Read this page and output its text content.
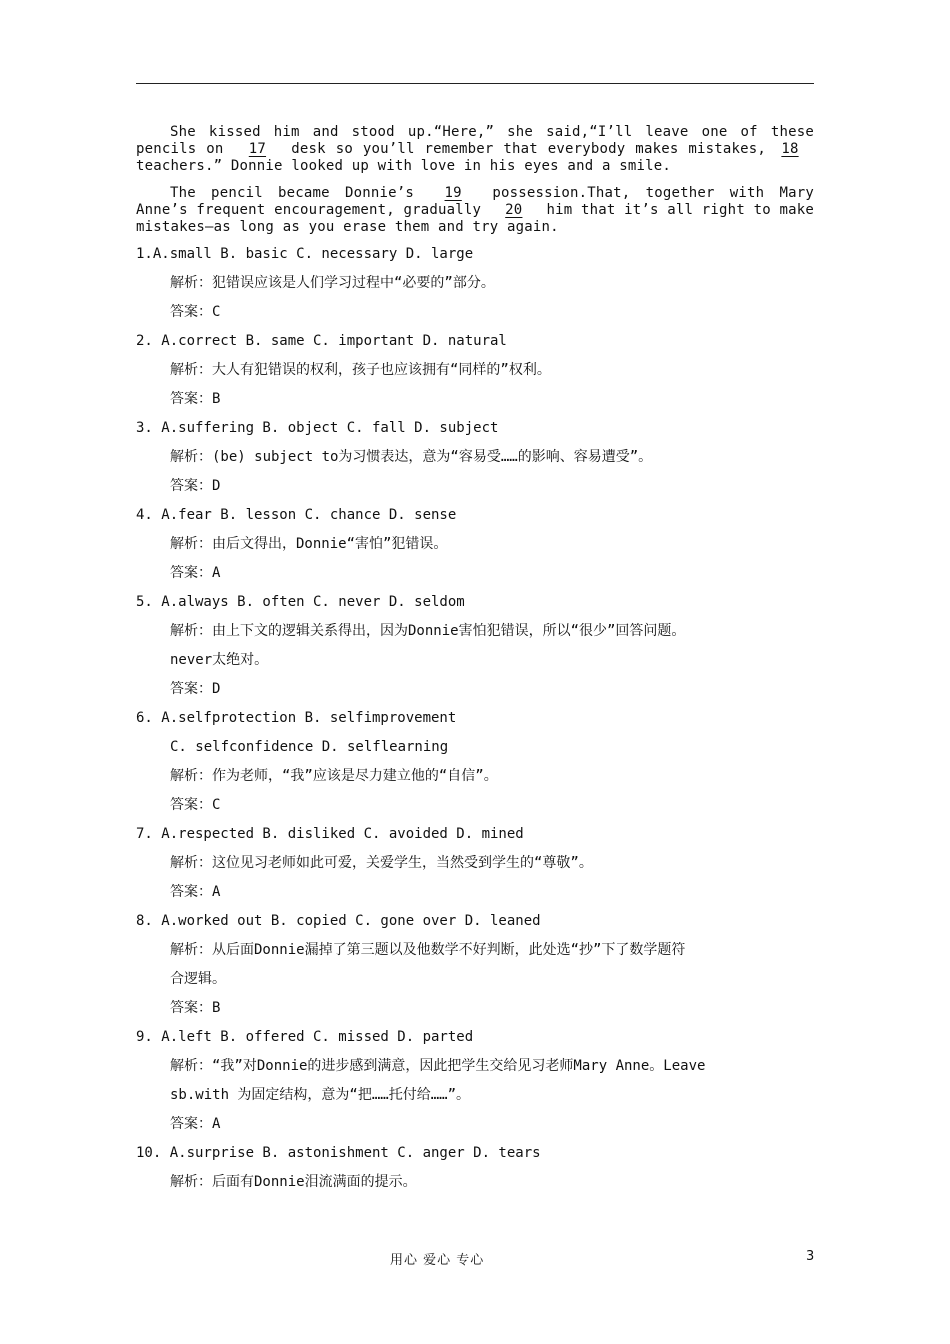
She kissed him and stood up.“Here,” she said,“I’ll leave one of these pencils on 17 desk so you’ll remember that everybody makes mistakes, 18 teachers.” Donnie looked up with love in his eyes and a smile.

The pencil became Donnie’s 19 possession.That, together with Mary Anne’s frequent encouragement, gradually 20 him that it’s all right to make mistakes—as long as you erase them and try again.

1.A.small B. basic C. necessary D. large
解析：犯错误应该是人们学习过程中“必要的”部分。
答案：C
2. A.correct B. same C. important D. natural
解析：大人有犯错误的权利，孩子也应该拥有“同样的”权利。
答案：B
3. A.suffering B. object C. fall D. subject
解析：(be) subject to为习惯表达，意为“容易受……的影响、容易遭受”。
答案：D
4. A.fear B. lesson C. chance D. sense
解析：由后文得出，Donnie“害怕”犯错误。
答案：A
5. A.always B. often C. never D. seldom
解析：由上下文的逻辑关系得出，因为Donnie害怕犯错误，所以“很少”回答问题。
never太绝对。
答案：D
6. A.selfprotection B. selfimprovement
C. selfconfidence D. selflearning
解析：作为老师，“我”应该是尽力建立他的“自信”。
答案：C
7. A.respected B. disliked C. avoided D. mined
解析：这位见习老师如此可爱，关爱学生，当然受到学生的“尊敬”。
答案：A
8. A.worked out B. copied C. gone over D. leaned
解析：从后面Donnie漏掉了第三题以及他数学不好判断，此处选“抄”下了数学题符
合逻辑。
答案：B
9. A.left B. offered C. missed D. parted
解析：“我”对Donnie的进步感到满意，因此把学生交给见习老师Mary Anne。Leave
sb.with 为固定结构，意为“把……托付给……”。
答案：A
10. A.surprise B. astonishment C. anger D. tears
解析：后面有Donnie泪流满面的提示。
用心 爱心 专心	3
